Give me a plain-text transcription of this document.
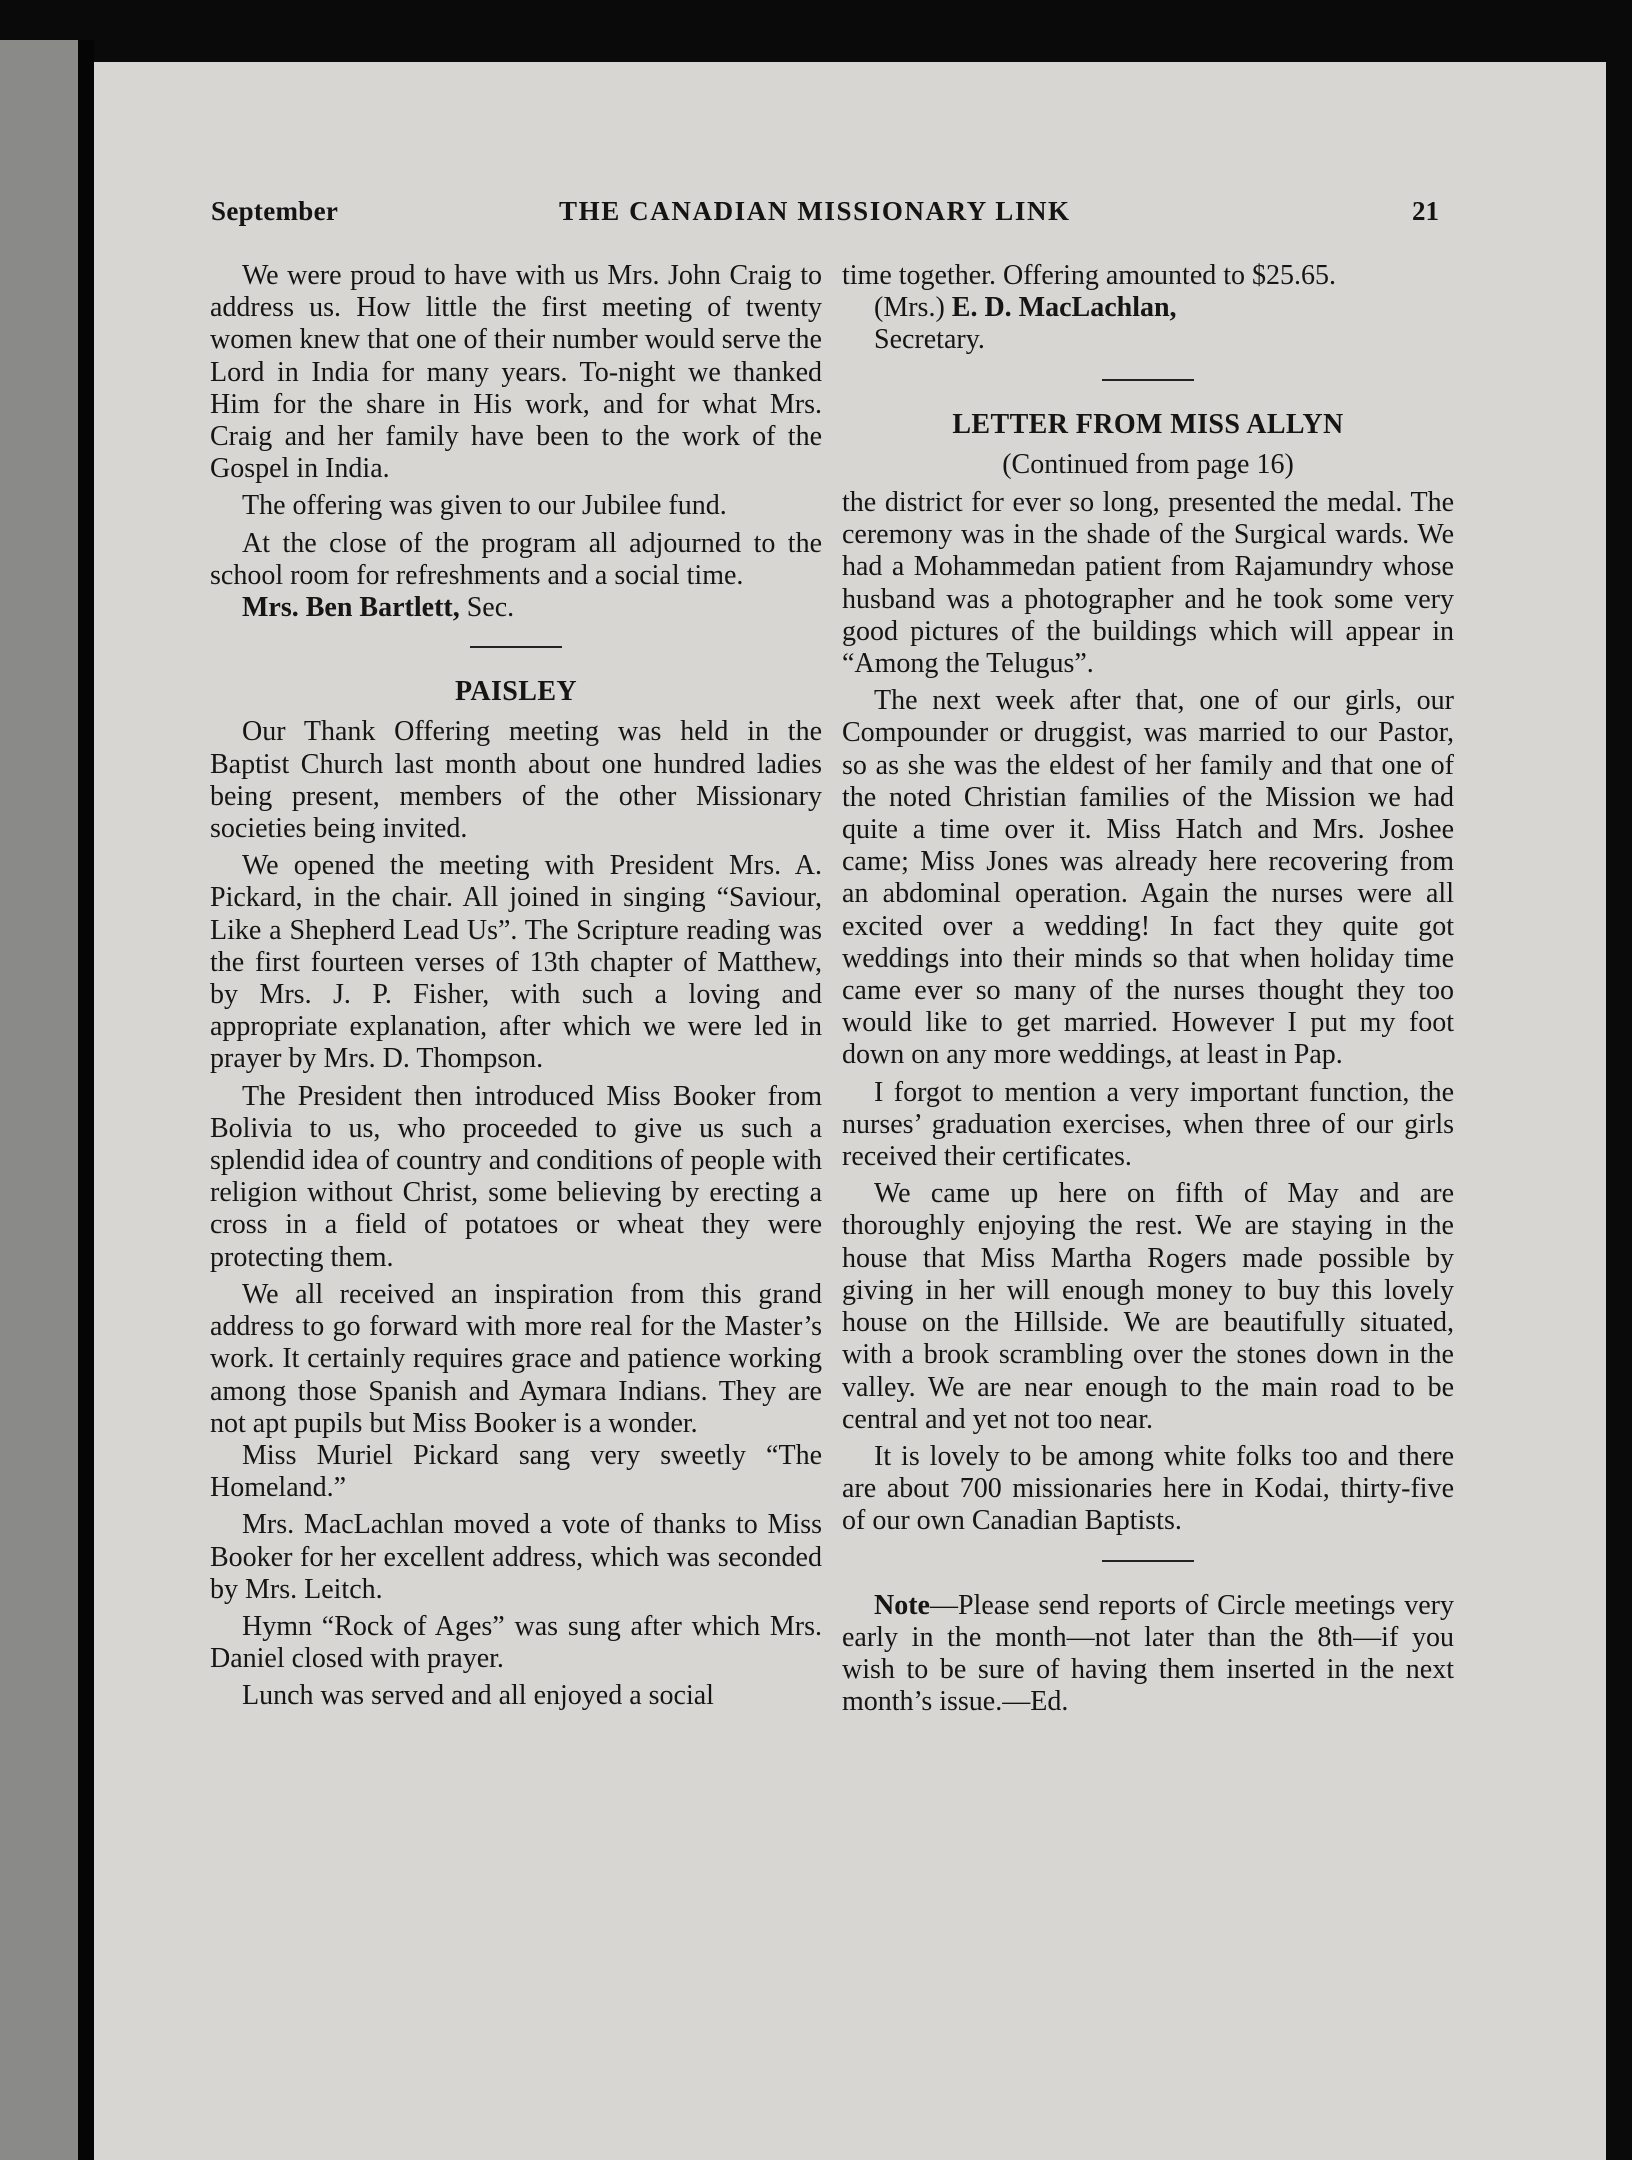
September	THE CANADIAN MISSIONARY LINK	21

We were proud to have with us Mrs. John Craig to address us. How little the first meeting of twenty women knew that one of their number would serve the Lord in India for many years. To-night we thanked Him for the share in His work, and for what Mrs. Craig and her family have been to the work of the Gospel in India.

The offering was given to our Jubilee fund.

At the close of the program all adjourned to the school room for refreshments and a social time.

Mrs. Ben Bartlett, Sec.

PAISLEY

Our Thank Offering meeting was held in the Baptist Church last month about one hundred ladies being present, members of the other Missionary societies being invited.

We opened the meeting with President Mrs. A. Pickard, in the chair. All joined in singing “Saviour, Like a Shepherd Lead Us”. The Scripture reading was the first fourteen verses of 13th chapter of Matthew, by Mrs. J. P. Fisher, with such a loving and appropriate explanation, after which we were led in prayer by Mrs. D. Thompson.

The President then introduced Miss Booker from Bolivia to us, who proceeded to give us such a splendid idea of country and conditions of people with religion without Christ, some believing by erecting a cross in a field of potatoes or wheat they were protecting them.

We all received an inspiration from this grand address to go forward with more real for the Master’s work. It certainly requires grace and patience working among those Spanish and Aymara Indians. They are not apt pupils but Miss Booker is a wonder.

Miss Muriel Pickard sang very sweetly “The Homeland.”

Mrs. MacLachlan moved a vote of thanks to Miss Booker for her excellent address, which was seconded by Mrs. Leitch.

Hymn “Rock of Ages” was sung after which Mrs. Daniel closed with prayer.

Lunch was served and all enjoyed a social

time together. Offering amounted to $25.65.

(Mrs.) E. D. MacLachlan,

Secretary.

LETTER FROM MISS ALLYN
(Continued from page 16)

the district for ever so long, presented the medal. The ceremony was in the shade of the Surgical wards. We had a Mohammedan patient from Rajamundry whose husband was a photographer and he took some very good pictures of the buildings which will appear in “Among the Telugus”.

The next week after that, one of our girls, our Compounder or druggist, was married to our Pastor, so as she was the eldest of her family and that one of the noted Christian families of the Mission we had quite a time over it. Miss Hatch and Mrs. Joshee came; Miss Jones was already here recovering from an abdominal operation. Again the nurses were all excited over a wedding! In fact they quite got weddings into their minds so that when holiday time came ever so many of the nurses thought they too would like to get married. However I put my foot down on any more weddings, at least in Pap.

I forgot to mention a very important function, the nurses’ graduation exercises, when three of our girls received their certificates.

We came up here on fifth of May and are thoroughly enjoying the rest. We are staying in the house that Miss Martha Rogers made possible by giving in her will enough money to buy this lovely house on the Hillside. We are beautifully situated, with a brook scrambling over the stones down in the valley. We are near enough to the main road to be central and yet not too near.

It is lovely to be among white folks too and there are about 700 missionaries here in Kodai, thirty-five of our own Canadian Baptists.

Note—Please send reports of Circle meetings very early in the month—not later than the 8th—if you wish to be sure of having them inserted in the next month’s issue.—Ed.
